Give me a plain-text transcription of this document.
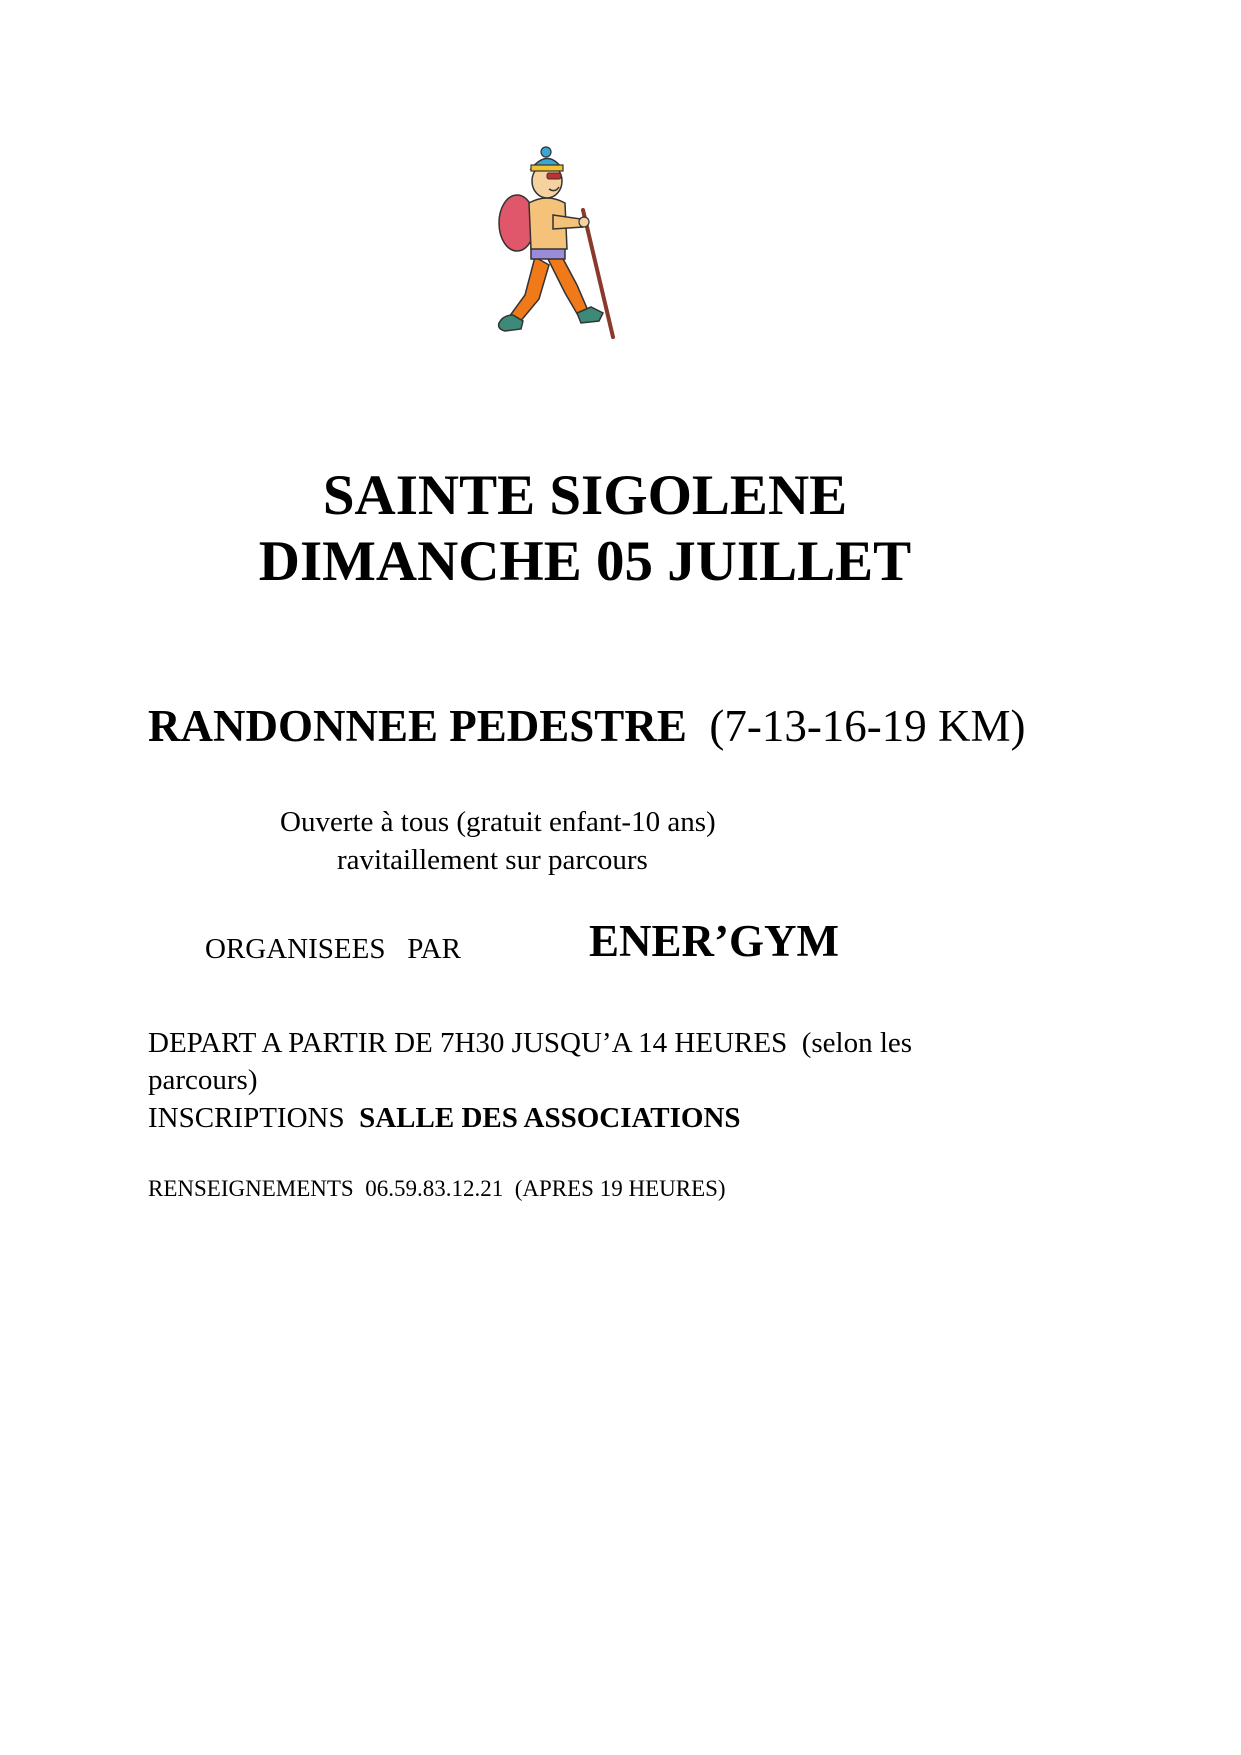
SAINTE SIGOLENE
DIMANCHE 05 JUILLET
RANDONNEE PEDESTRE (7-13-16-19 KM)
Ouverte à tous (gratuit enfant-10 ans)
ravitaillement sur parcours
ORGANISEES   PAR	ENER’GYM
DEPART A PARTIR DE 7H30 JUSQU’A 14 HEURES  (selon les
parcours)
INSCRIPTIONS SALLE DES ASSOCIATIONS
RENSEIGNEMENTS  06.59.83.12.21  (APRES 19 HEURES)
